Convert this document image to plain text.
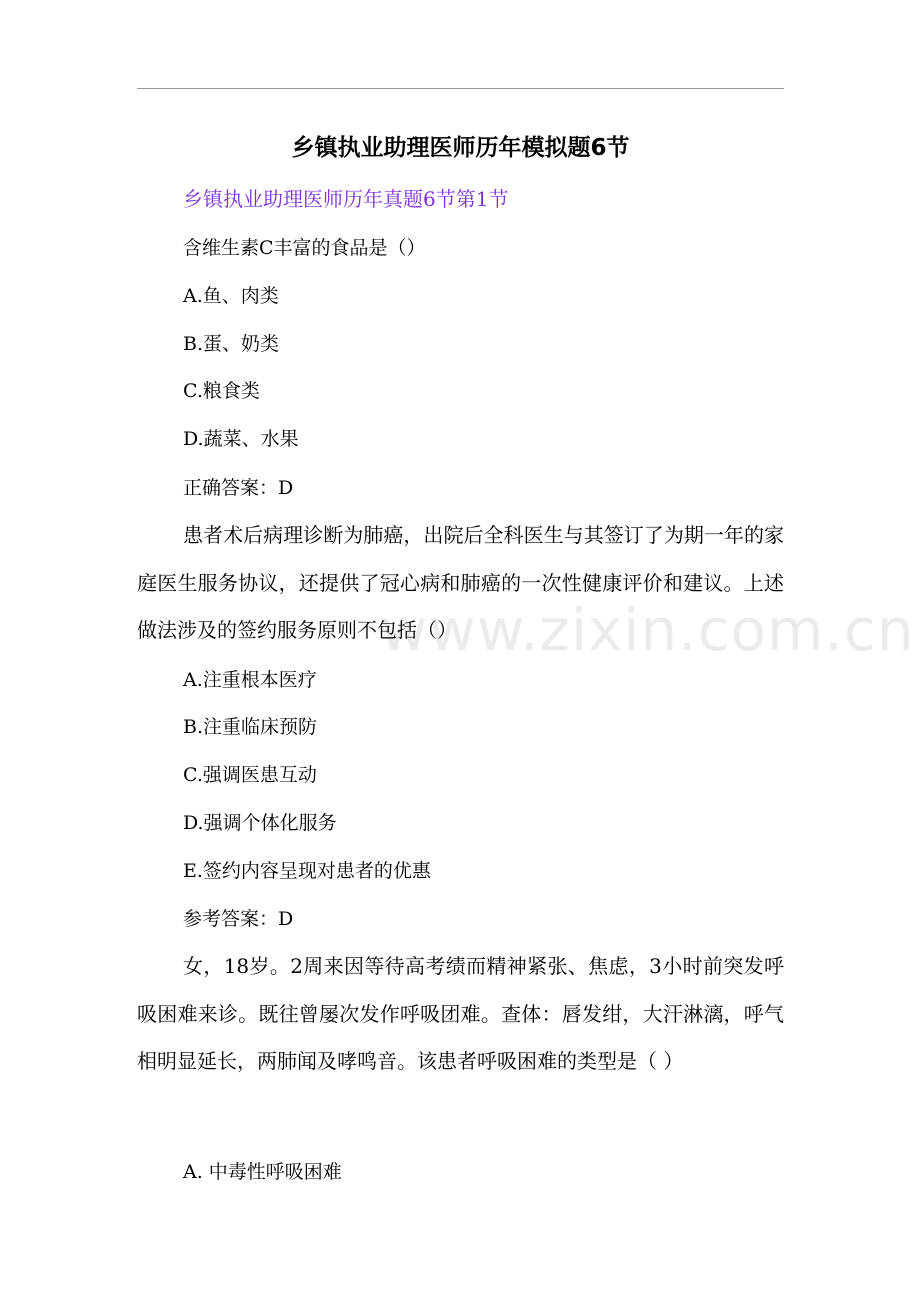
乡镇执业助理医师历年模拟题6节
乡镇执业助理医师历年真题6节第1节
含维生素C丰富的食品是（）
A.鱼、肉类
B.蛋、奶类
C.粮食类
D.蔬菜、水果
正确答案：D
患者术后病理诊断为肺癌，出院后全科医生与其签订了为期一年的家庭医生服务协议，还提供了冠心病和肺癌的一次性健康评价和建议。上述做法涉及的签约服务原则不包括（）
A.注重根本医疗
B.注重临床预防
C.强调医患互动
D.强调个体化服务
E.签约内容呈现对患者的优惠
参考答案：D
女，18岁。2周来因等待高考绩而精神紧张、焦虑，3小时前突发呼吸困难来诊。既往曾屡次发作呼吸团难。查体：唇发绀，大汗淋漓，呼气相明显延长，两肺闻及哮鸣音。该患者呼吸困难的类型是（ ）
A. 中毒性呼吸困难
www.zixin.com.cn
